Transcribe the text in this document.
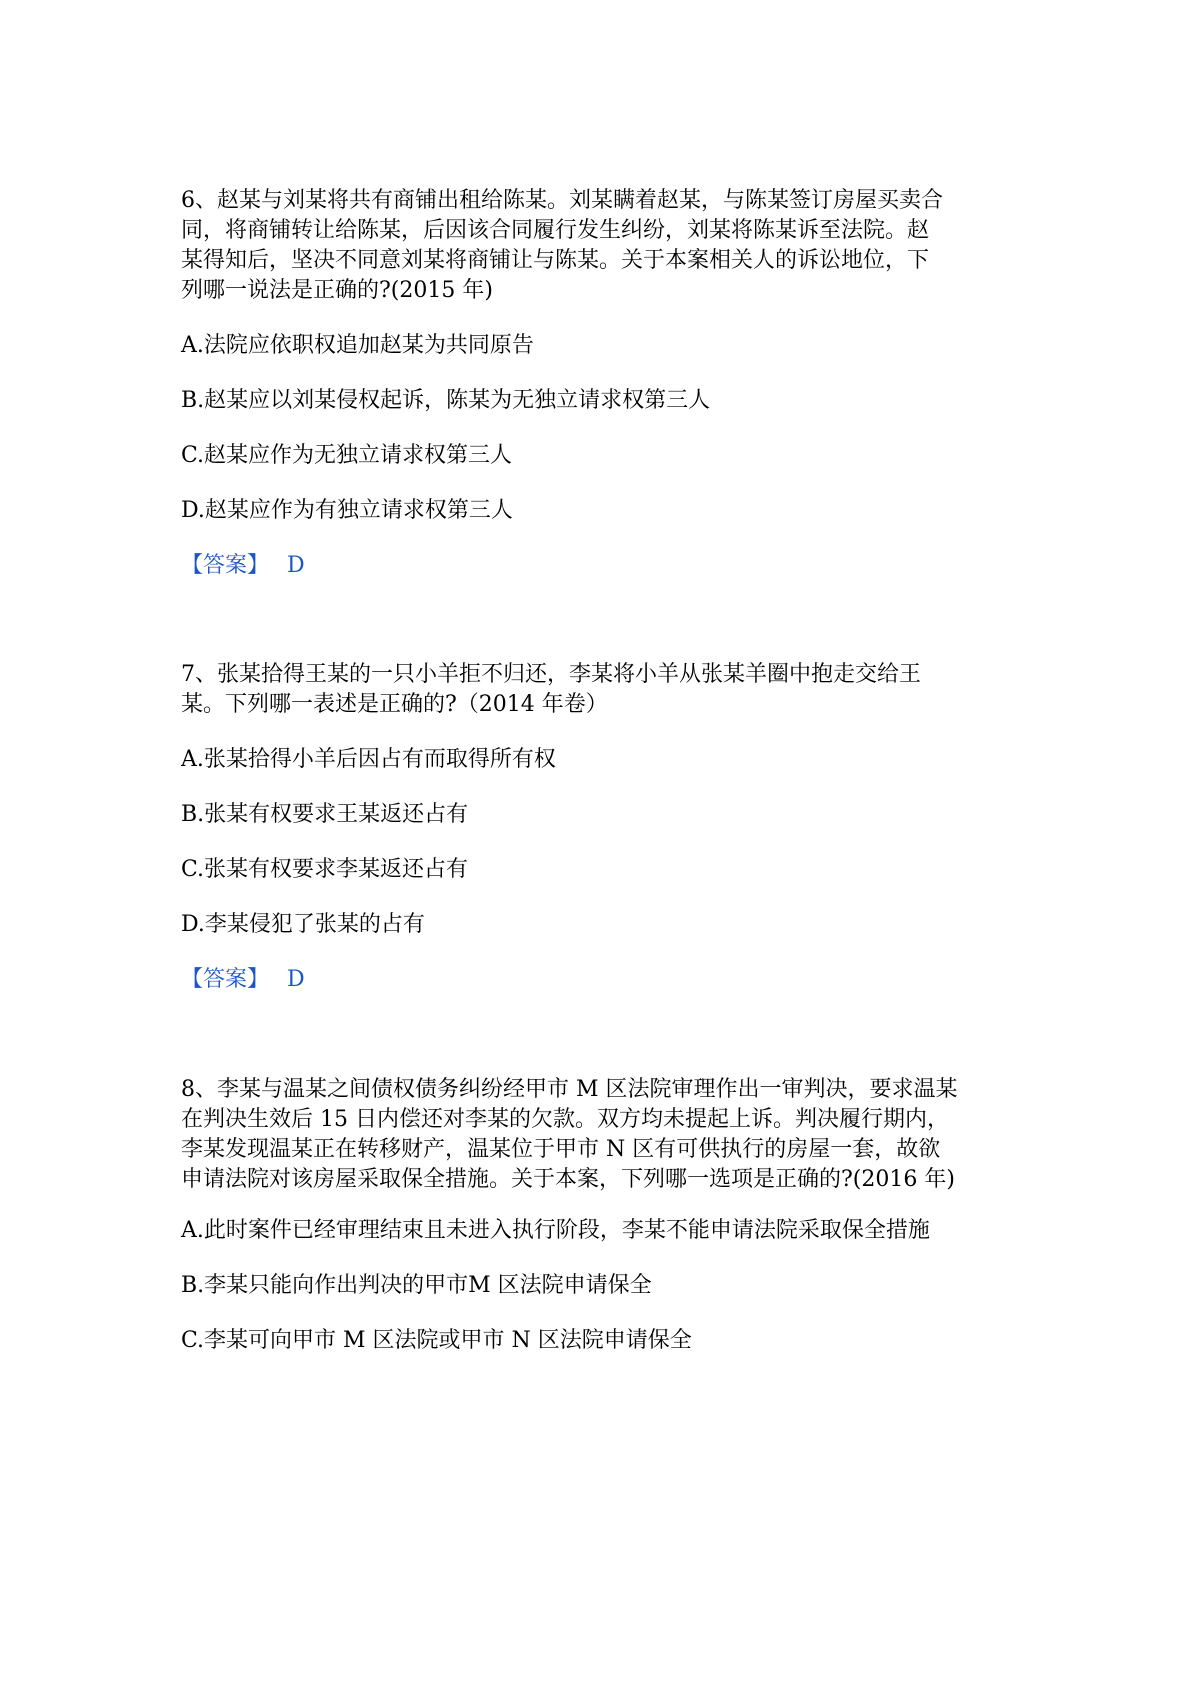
6、赵某与刘某将共有商铺出租给陈某。刘某瞒着赵某，与陈某签订房屋买卖合
同，将商铺转让给陈某，后因该合同履行发生纠纷，刘某将陈某诉至法院。赵
某得知后，坚决不同意刘某将商铺让与陈某。关于本案相关人的诉讼地位，下
列哪一说法是正确的?(2015 年)
A.法院应依职权追加赵某为共同原告
B.赵某应以刘某侵权起诉，陈某为无独立请求权第三人
C.赵某应作为无独立请求权第三人
D.赵某应作为有独立请求权第三人
【答案】 D
7、张某拾得王某的一只小羊拒不归还，李某将小羊从张某羊圈中抱走交给王
某。下列哪一表述是正确的?（2014 年卷）
A.张某拾得小羊后因占有而取得所有权
B.张某有权要求王某返还占有
C.张某有权要求李某返还占有
D.李某侵犯了张某的占有
【答案】 D
8、李某与温某之间债权债务纠纷经甲市 M 区法院审理作出一审判决，要求温某
在判决生效后 15 日内偿还对李某的欠款。双方均未提起上诉。判决履行期内，
李某发现温某正在转移财产，温某位于甲市 N 区有可供执行的房屋一套，故欲
申请法院对该房屋采取保全措施。关于本案，下列哪一选项是正确的?(2016 年)
A.此时案件已经审理结束且未进入执行阶段，李某不能申请法院采取保全措施
B.李某只能向作出判决的甲市M 区法院申请保全
C.李某可向甲市 M 区法院或甲市 N 区法院申请保全
